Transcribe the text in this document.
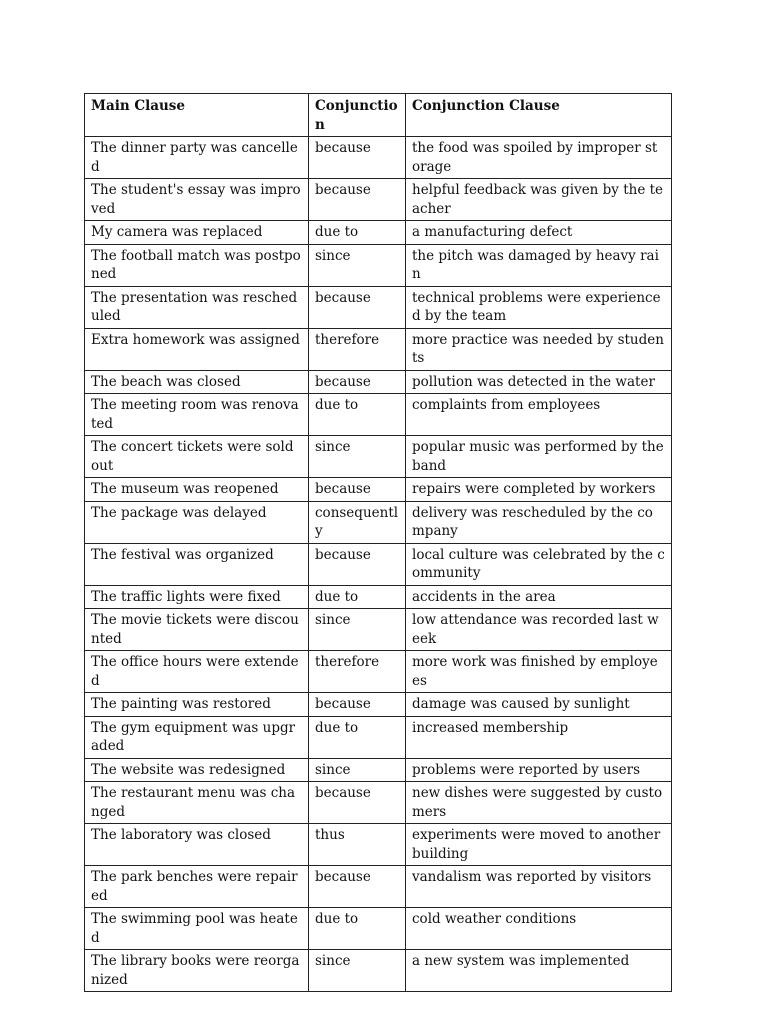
Main Clause	Conjunction	Conjunction Clause
The dinner party was cancelled	because	the food was spoiled by improper storage
The student's essay was improved	because	helpful feedback was given by the teacher
My camera was replaced	due to	a manufacturing defect
The football match was postponed	since	the pitch was damaged by heavy rain
The presentation was rescheduled	because	technical problems were experienced by the team
Extra homework was assigned	therefore	more practice was needed by students
The beach was closed	because	pollution was detected in the water
The meeting room was renovated	due to	complaints from employees
The concert tickets were sold out	since	popular music was performed by the band
The museum was reopened	because	repairs were completed by workers
The package was delayed	consequently	delivery was rescheduled by the company
The festival was organized	because	local culture was celebrated by the community
The traffic lights were fixed	due to	accidents in the area
The movie tickets were discounted	since	low attendance was recorded last week
The office hours were extended	therefore	more work was finished by employees
The painting was restored	because	damage was caused by sunlight
The gym equipment was upgraded	due to	increased membership
The website was redesigned	since	problems were reported by users
The restaurant menu was changed	because	new dishes were suggested by customers
The laboratory was closed	thus	experiments were moved to another building
The park benches were repaired	because	vandalism was reported by visitors
The swimming pool was heated	due to	cold weather conditions
The library books were reorganized	since	a new system was implemented
